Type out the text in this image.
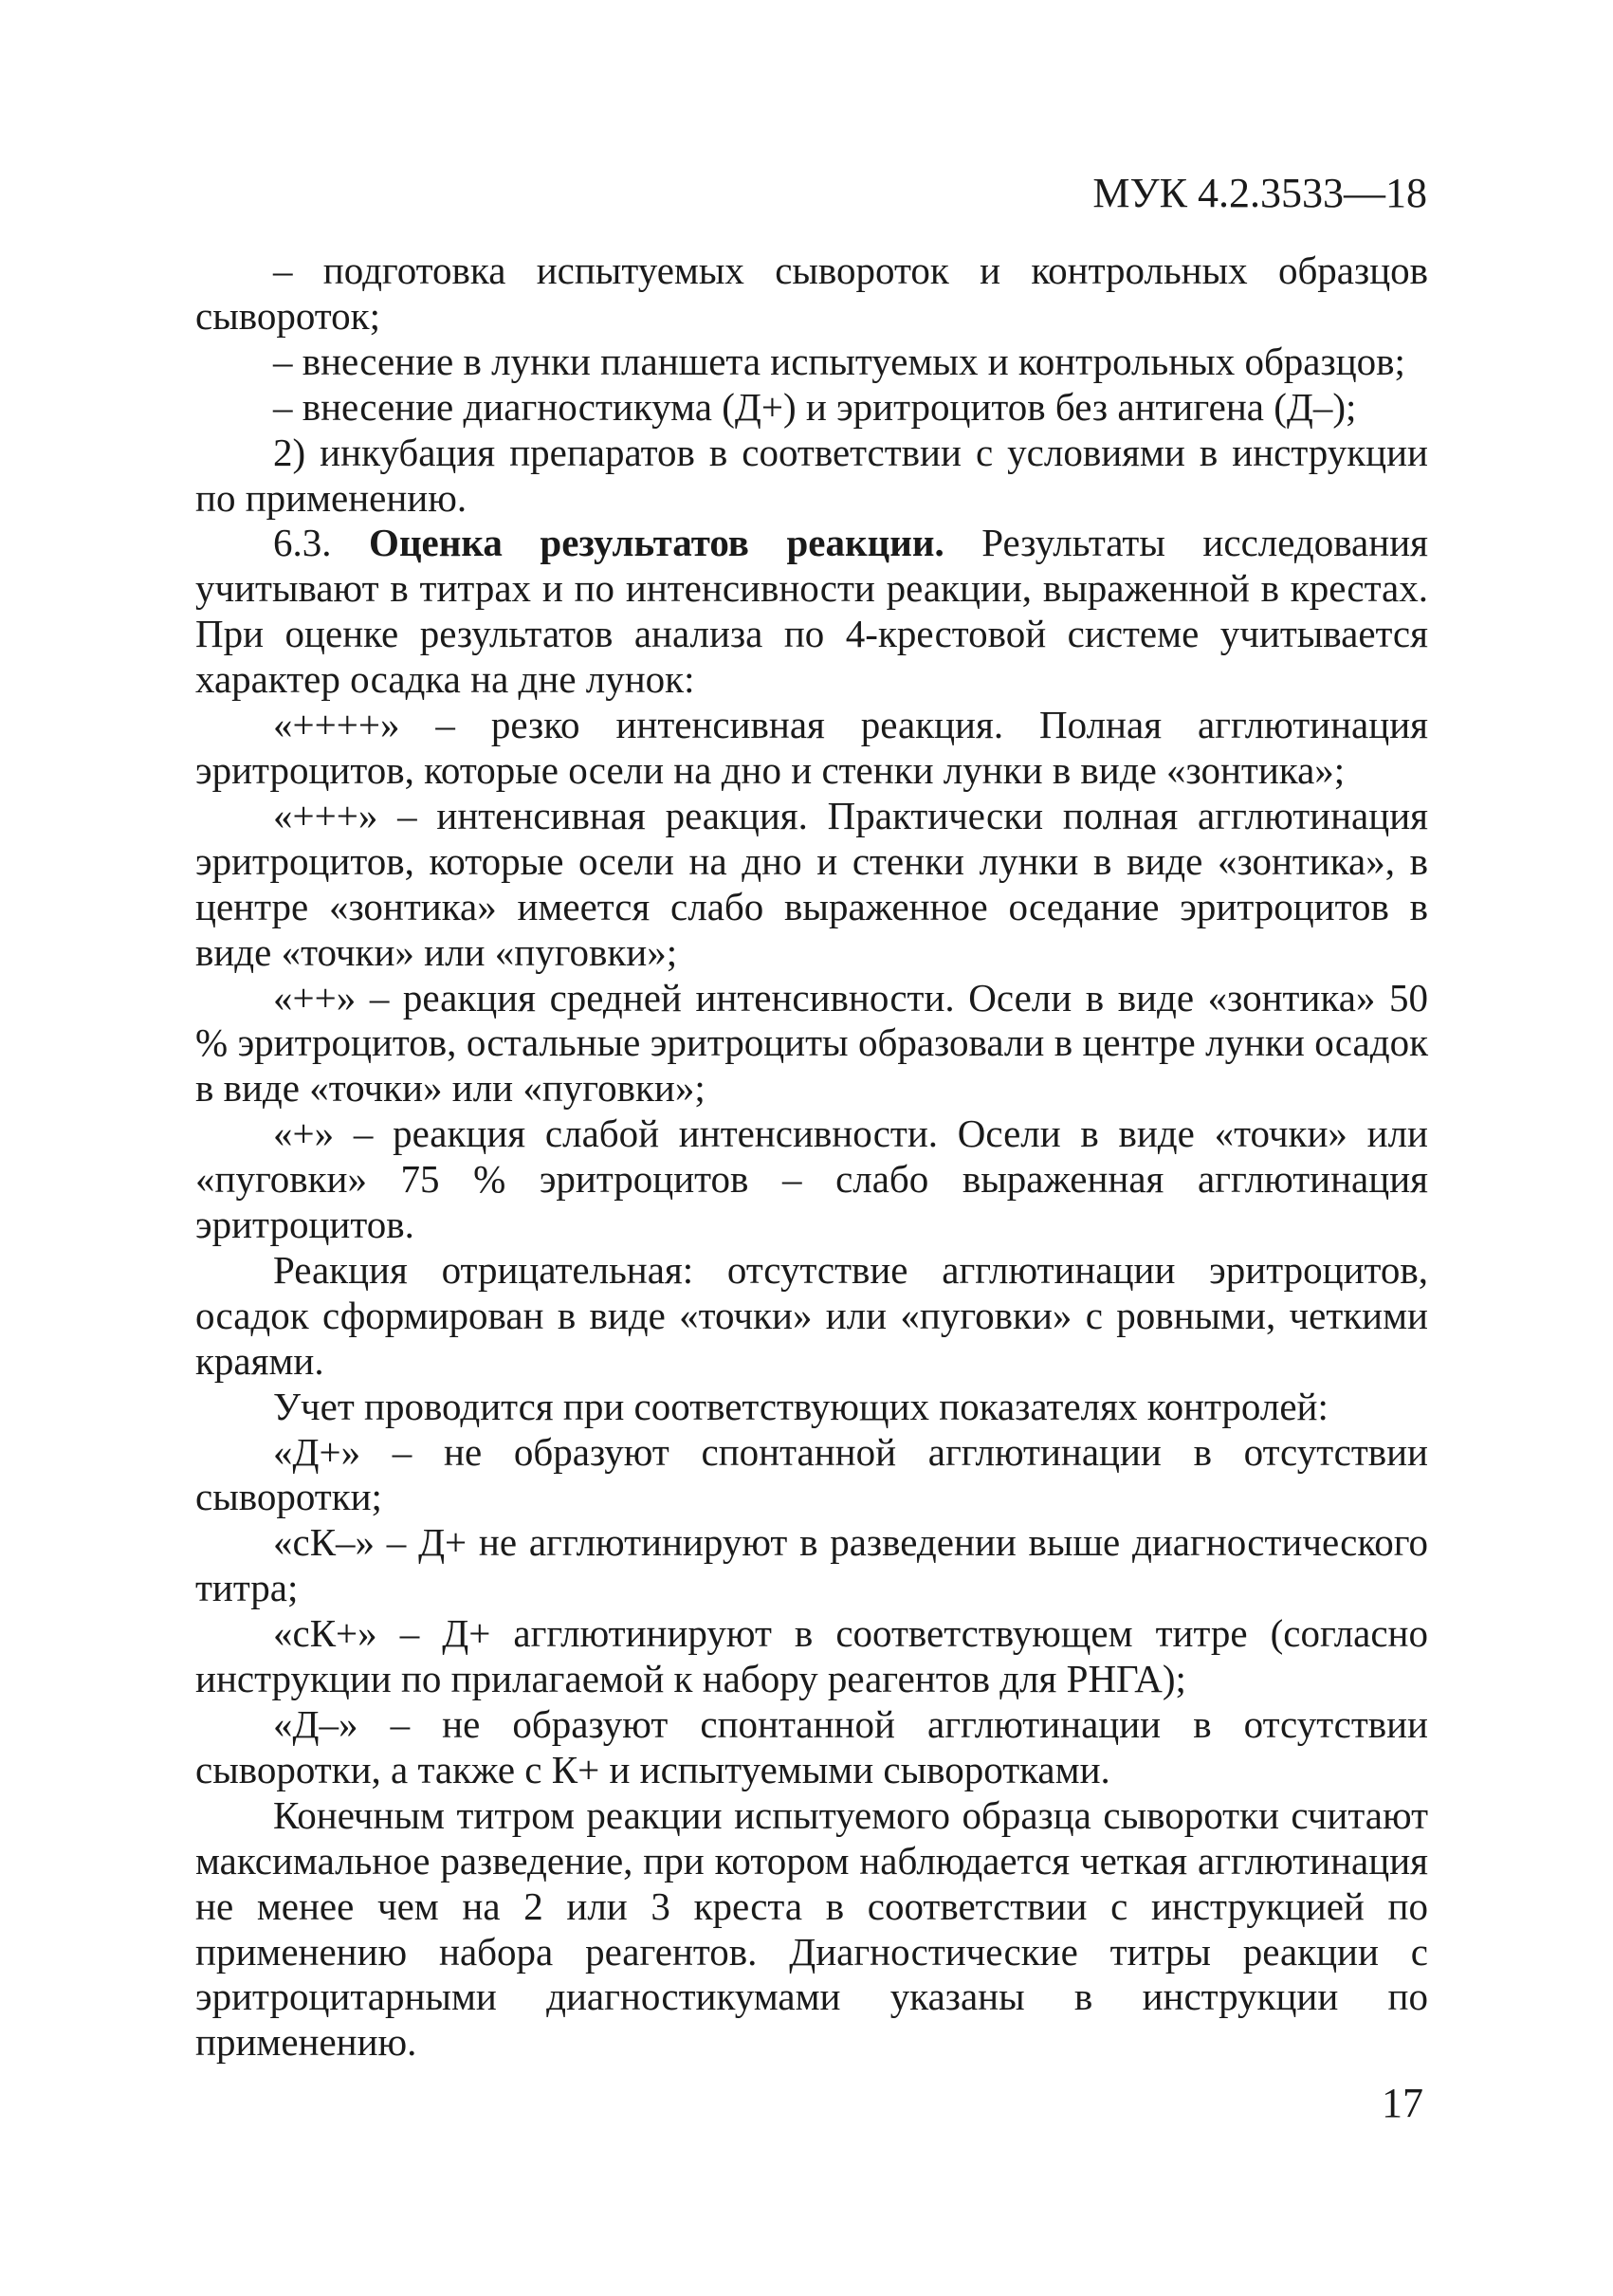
МУК 4.2.3533—18

– подготовка испытуемых сывороток и контрольных образцов сывороток;

– внесение в лунки планшета испытуемых и контрольных образцов;

– внесение диагностикума (Д+) и эритроцитов без антигена (Д–);

2) инкубация препаратов в соответствии с условиями в инструкции по применению.

6.3. Оценка результатов реакции. Результаты исследования учитывают в титрах и по интенсивности реакции, выраженной в крестах. При оценке результатов анализа по 4-крестовой системе учитывается характер осадка на дне лунок:

«++++» – резко интенсивная реакция. Полная агглютинация эритроцитов, которые осели на дно и стенки лунки в виде «зонтика»;

«+++» – интенсивная реакция. Практически полная агглютинация эритроцитов, которые осели на дно и стенки лунки в виде «зонтика», в центре «зонтика» имеется слабо выраженное оседание эритроцитов в виде «точки» или «пуговки»;

«++» – реакция средней интенсивности. Осели в виде «зонтика» 50 % эритроцитов, остальные эритроциты образовали в центре лунки осадок в виде «точки» или «пуговки»;

«+» – реакция слабой интенсивности. Осели в виде «точки» или «пуговки» 75 % эритроцитов – слабо выраженная агглютинация эритроцитов.

Реакция отрицательная: отсутствие агглютинации эритроцитов, осадок сформирован в виде «точки» или «пуговки» с ровными, четкими краями.

Учет проводится при соответствующих показателях контролей:

«Д+» – не образуют спонтанной агглютинации в отсутствии сыворотки;

«сК–» – Д+ не агглютинируют в разведении выше диагностического титра;

«сК+» – Д+ агглютинируют в соответствующем титре (согласно инструкции по прилагаемой к набору реагентов для РНГА);

«Д–» – не образуют спонтанной агглютинации в отсутствии сыворотки, а также с К+ и испытуемыми сыворотками.

Конечным титром реакции испытуемого образца сыворотки считают максимальное разведение, при котором наблюдается четкая агглютинация не менее чем на 2 или 3 креста в соответствии с инструкцией по применению набора реагентов. Диагностические титры реакции с эритроцитарными диагностикумами указаны в инструкции по применению.

17
